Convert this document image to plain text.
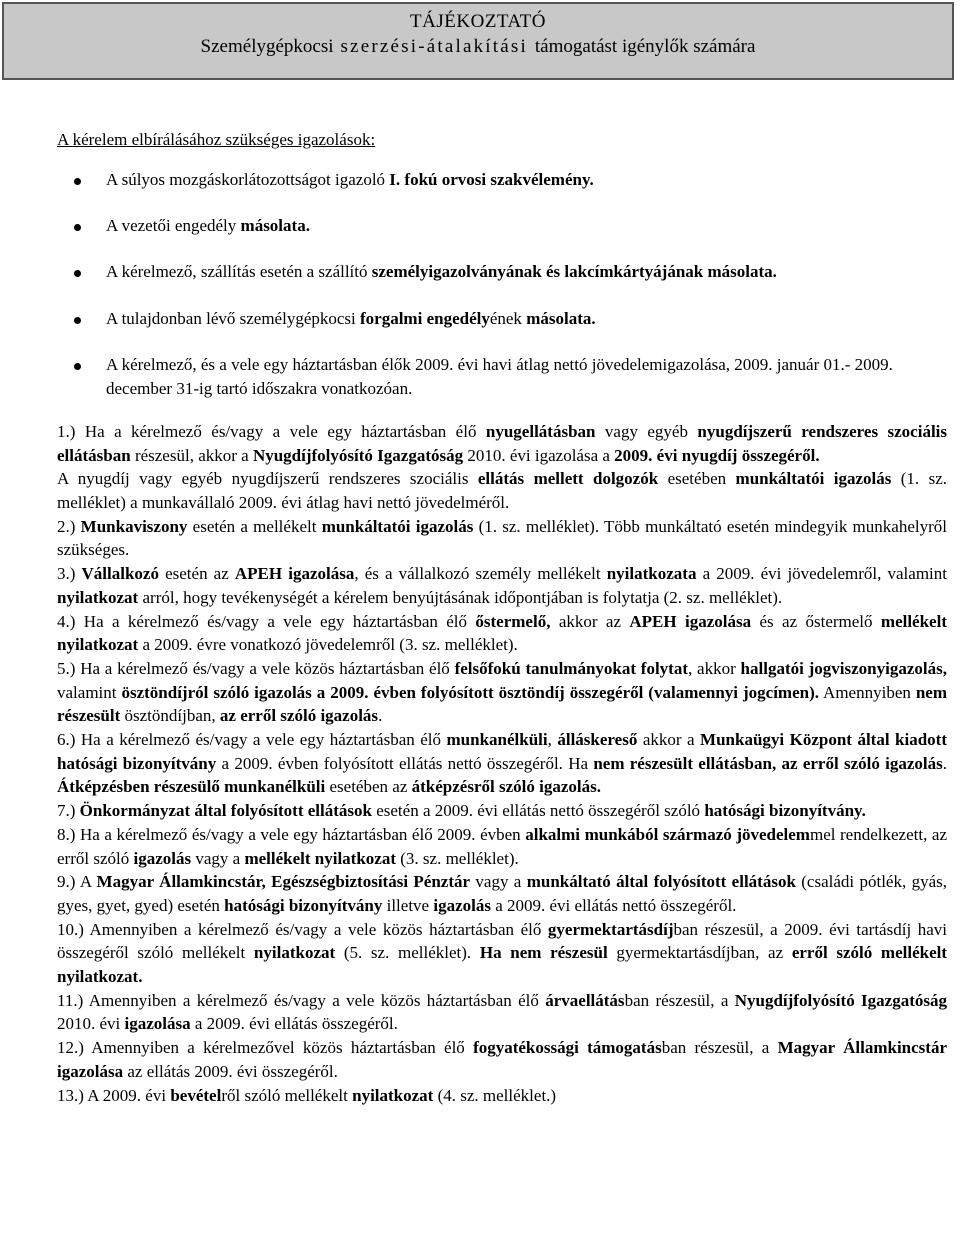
TÁJÉKOZTATÓ
Személygépkocsi szerzési-átalakítási támogatást igénylők számára

A kérelem elbírálásához szükséges igazolások:

A súlyos mozgáskorlátozottságot igazoló I. fokú orvosi szakvélemény.
A vezetői engedély másolata.
A kérelmező, szállítás esetén a szállító személyigazolványának és lakcímkártyájának másolata.
A tulajdonban lévő személygépkocsi forgalmi engedélyének másolata.
A kérelmező, és a vele egy háztartásban élők 2009. évi havi átlag nettó jövedelemigazolása, 2009. január 01.- 2009. december 31-ig tartó időszakra vonatkozóan.

1.) Ha a kérelmező és/vagy a vele egy háztartásban élő nyugellátásban vagy egyéb nyugdíjszerű rendszeres szociális ellátásban részesül, akkor a Nyugdíjfolyósító Igazgatóság 2010. évi igazolása a 2009. évi nyugdíj összegéről.

A nyugdíj vagy egyéb nyugdíjszerű rendszeres szociális ellátás mellett dolgozók esetében munkáltatói igazolás (1. sz. melléklet) a munkavállaló 2009. évi átlag havi nettó jövedelméről.

2.) Munkaviszony esetén a mellékelt munkáltatói igazolás (1. sz. melléklet). Több munkáltató esetén mindegyik munkahelyről szükséges.

3.) Vállalkozó esetén az APEH igazolása, és a vállalkozó személy mellékelt nyilatkozata a 2009. évi jövedelemről, valamint nyilatkozat arról, hogy tevékenységét a kérelem benyújtásának időpontjában is folytatja (2. sz. melléklet).

4.) Ha a kérelmező és/vagy a vele egy háztartásban élő őstermelő, akkor az APEH igazolása és az őstermelő mellékelt nyilatkozat a 2009. évre vonatkozó jövedelemről (3. sz. melléklet).

5.) Ha a kérelmező és/vagy a vele közös háztartásban élő felsőfokú tanulmányokat folytat, akkor hallgatói jogviszonyigazolás, valamint ösztöndíjról szóló igazolás a 2009. évben folyósított ösztöndíj összegéről (valamennyi jogcímen). Amennyiben nem részesült ösztöndíjban, az erről szóló igazolás.

6.) Ha a kérelmező és/vagy a vele egy háztartásban élő munkanélküli, álláskereső akkor a Munkaügyi Központ által kiadott hatósági bizonyítvány a 2009. évben folyósított ellátás nettó összegéről. Ha nem részesült ellátásban, az erről szóló igazolás. Átképzésben részesülő munkanélküli esetében az átképzésről szóló igazolás.

7.) Önkormányzat által folyósított ellátások esetén a 2009. évi ellátás nettó összegéről szóló hatósági bizonyítvány.

8.) Ha a kérelmező és/vagy a vele egy háztartásban élő 2009. évben alkalmi munkából származó jövedelemmel rendelkezett, az erről szóló igazolás vagy a mellékelt nyilatkozat (3. sz. melléklet).

9.) A Magyar Államkincstár, Egészségbiztosítási Pénztár vagy a munkáltató által folyósított ellátások (családi pótlék, gyás, gyes, gyet, gyed) esetén hatósági bizonyítvány illetve igazolás a 2009. évi ellátás nettó összegéről.

10.) Amennyiben a kérelmező és/vagy a vele közös háztartásban élő gyermektartásdíjban részesül, a 2009. évi tartásdíj havi összegéről szóló mellékelt nyilatkozat (5. sz. melléklet). Ha nem részesül gyermektartásdíjban, az erről szóló mellékelt nyilatkozat.

11.) Amennyiben a kérelmező és/vagy a vele közös háztartásban élő árvaellátásban részesül, a Nyugdíjfolyósító Igazgatóság 2010. évi igazolása a 2009. évi ellátás összegéről.

12.) Amennyiben a kérelmezővel közös háztartásban élő fogyatékossági támogatásban részesül, a Magyar Államkincstár igazolása az ellátás 2009. évi összegéről.

13.) A 2009. évi bevételről szóló mellékelt nyilatkozat (4. sz. melléklet.)
